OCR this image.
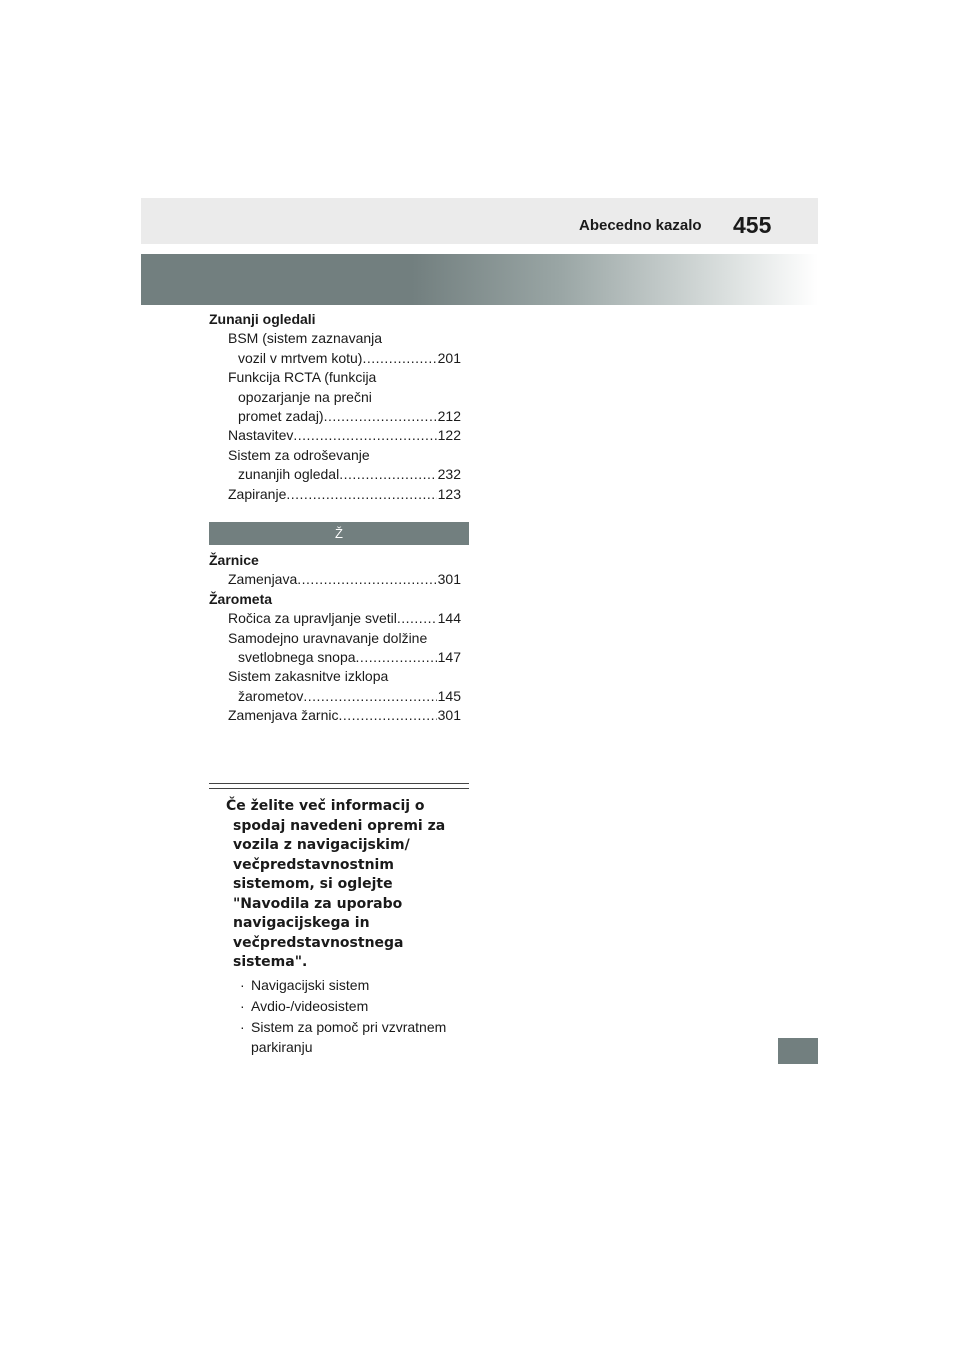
Abecedno kazalo 455
Zunanji ogledali
BSM (sistem zaznavanja
vozil v mrtvem kotu) .....	201
Funkcija RCTA (funkcija
opozarjanje na prečni
promet zadaj) .....	212
Nastavitev .....	122
Sistem za odroševanje
zunanjih ogledal .....	232
Zapiranje .....	123
Ž
Žarnice
Zamenjava .....	301
Žarometa
Ročica za upravljanje svetil .....	144
Samodejno uravnavanje dolžine
svetlobnega snopa .....	147
Sistem zakasnitve izklopa
žarometov .....	145
Zamenjava žarnic .....	301
Če želite več informacij o
spodaj navedeni opremi za
vozila z navigacijskim/
večpredstavnostnim
sistemom, si oglejte
"Navodila za uporabo
navigacijskega in
večpredstavnostnega
sistema".
· Navigacijski sistem
· Avdio-/videosistem
· Sistem za pomoč pri vzvratnem parkiranju
